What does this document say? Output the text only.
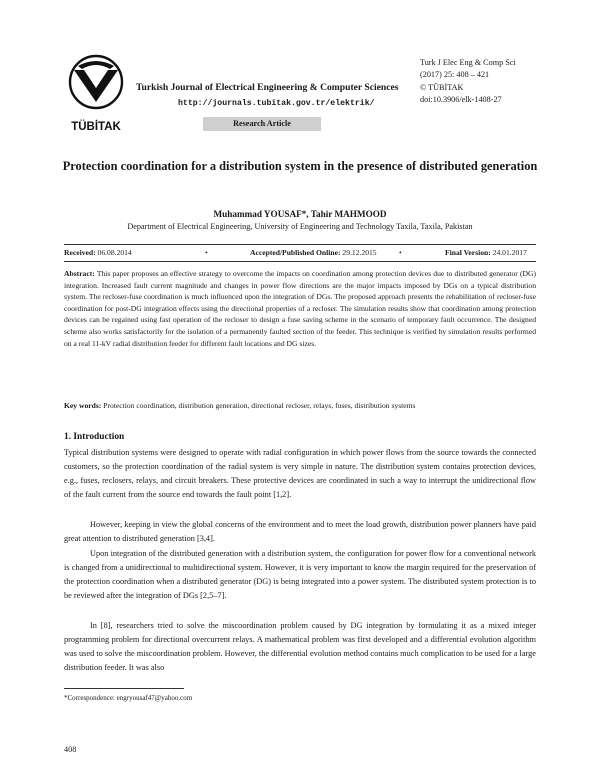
TÜBİTAK
Turkish Journal of Electrical Engineering & Computer Sciences
http://journals.tubitak.gov.tr/elektrik/
Research Article
Turk J Elec Eng & Comp Sci
(2017) 25: 408 – 421
© TÜBİTAK
doi:10.3906/elk-1408-27
Protection coordination for a distribution system in the presence of distributed generation
Muhammad YOUSAF*, Tahir MAHMOOD
Department of Electrical Engineering, University of Engineering and Technology Taxila, Taxila, Pakistan
Received: 06.08.2014	•	Accepted/Published Online: 29.12.2015	•	Final Version: 24.01.2017
Abstract: This paper proposes an effective strategy to overcome the impacts on coordination among protection devices due to distributed generator (DG) integration. Increased fault current magnitude and changes in power flow directions are the major impacts imposed by DGs on a typical distribution system. The recloser-fuse coordination is much influenced upon the integration of DGs. The proposed approach presents the rehabilitation of recloser-fuse coordination for post-DG integration effects using the directional properties of a recloser. The simulation results show that coordination among protection devices can be regained using fast operation of the recloser to design a fuse saving scheme in the scenario of temporary fault occurrence. The designed scheme also works satisfactorily for the isolation of a permanently faulted section of the feeder. This technique is verified by simulation results performed on a real 11-kV radial distribution feeder for different fault locations and DG sizes.
Key words: Protection coordination, distribution generation, directional recloser, relays, fuses, distribution systems
1. Introduction
Typical distribution systems were designed to operate with radial configuration in which power flows from the source towards the connected customers, so the protection coordination of the radial system is very simple in nature. The distribution system contains protection devices, e.g., fuses, reclosers, relays, and circuit breakers. These protective devices are coordinated in such a way to interrupt the unidirectional flow of the fault current from the source end towards the fault point [1,2].
However, keeping in view the global concerns of the environment and to meet the load growth, distribution power planners have paid great attention to distributed generation [3,4].
Upon integration of the distributed generation with a distribution system, the configuration for power flow for a conventional network is changed from a unidirectional to multidirectional system. However, it is very important to know the margin required for the preservation of the protection coordination when a distributed generator (DG) is being integrated into a power system. The distributed system protection is to be reviewed after the integration of DGs [2,5–7].
In [8], researchers tried to solve the miscoordination problem caused by DG integration by formulating it as a mixed integer programming problem for directional overcurrent relays. A mathematical problem was first developed and a differential evolution algorithm was used to solve the miscoordination problem. However, the differential evolution method contains much complication to be used for a large distribution feeder. It was also
*Correspondence: engryousaf47@yahoo.com
408
